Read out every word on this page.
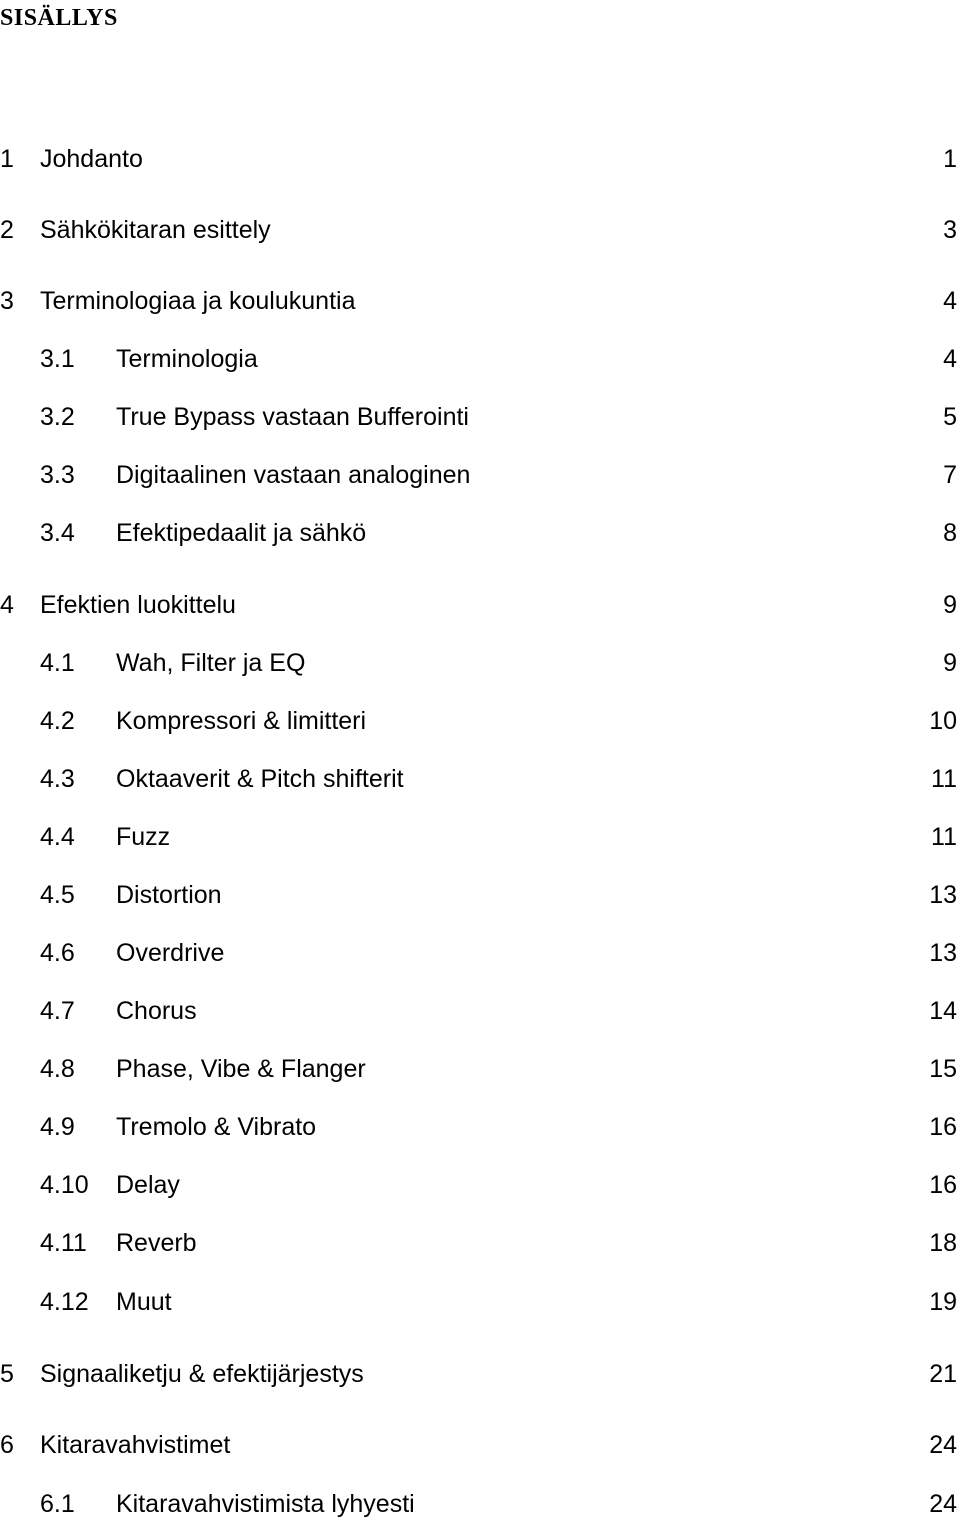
SISÄLLYS
1 Johdanto	1
2 Sähkökitaran esittely	3
3 Terminologiaa ja koulukuntia	4
3.1 Terminologia	4
3.2 True Bypass vastaan Bufferointi	5
3.3 Digitaalinen vastaan analoginen	7
3.4 Efektipedaalit ja sähkö	8
4 Efektien luokittelu	9
4.1 Wah, Filter ja EQ	9
4.2 Kompressori & limitteri	10
4.3 Oktaaverit & Pitch shifterit	11
4.4 Fuzz	11
4.5 Distortion	13
4.6 Overdrive	13
4.7 Chorus	14
4.8 Phase, Vibe & Flanger	15
4.9 Tremolo & Vibrato	16
4.10 Delay	16
4.11 Reverb	18
4.12 Muut	19
5 Signaaliketju & efektijärjestys	21
6 Kitaravahvistimet	24
6.1 Kitaravahvistimista lyhyesti	24
